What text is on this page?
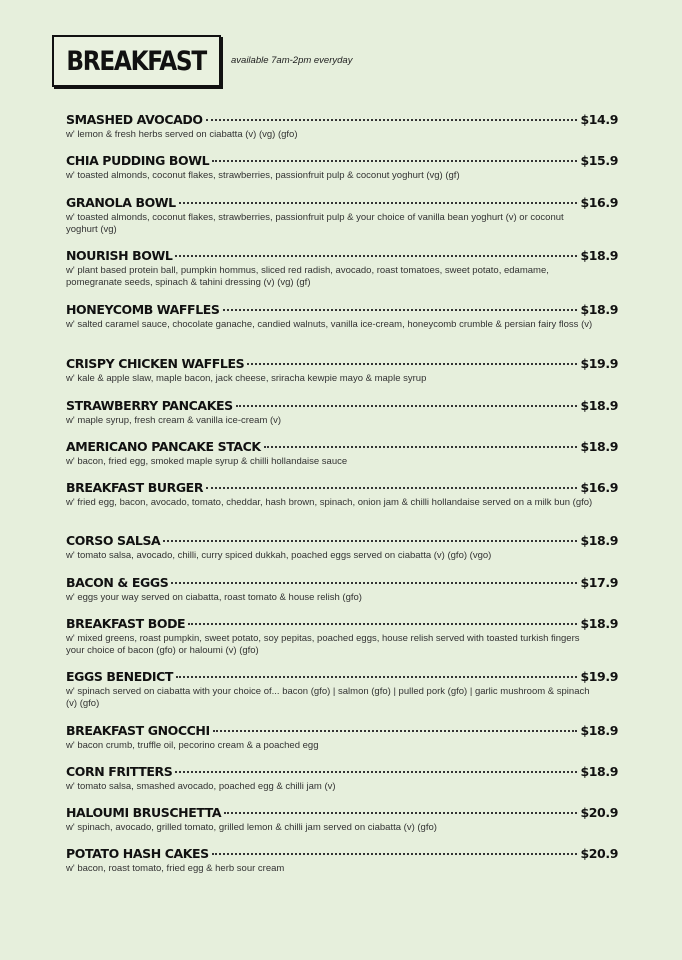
BREAKFAST	available 7am-2pm everyday
SMASHED AVOCADO	$14.9
w' lemon & fresh herbs served on ciabatta (v) (vg) (gfo)
CHIA PUDDING BOWL	$15.9
w' toasted almonds, coconut flakes, strawberries, passionfruit pulp & coconut yoghurt (vg) (gf)
GRANOLA BOWL	$16.9
w' toasted almonds, coconut flakes, strawberries, passionfruit pulp & your choice of vanilla bean yoghurt (v) or coconut yoghurt (vg)
NOURISH BOWL	$18.9
w' plant based protein ball, pumpkin hommus, sliced red radish, avocado, roast tomatoes, sweet potato, edamame, pomegranate seeds, spinach & tahini dressing (v) (vg) (gf)
HONEYCOMB WAFFLES	$18.9
w' salted caramel sauce, chocolate ganache, candied walnuts, vanilla ice-cream, honeycomb crumble & persian fairy floss (v)
CRISPY CHICKEN WAFFLES	$19.9
w' kale & apple slaw, maple bacon, jack cheese, sriracha kewpie mayo & maple syrup
STRAWBERRY PANCAKES	$18.9
w' maple syrup, fresh cream & vanilla ice-cream (v)
AMERICANO PANCAKE STACK	$18.9
w' bacon, fried egg, smoked maple syrup & chilli hollandaise sauce
BREAKFAST BURGER	$16.9
w' fried egg, bacon, avocado, tomato, cheddar, hash brown, spinach, onion jam & chilli hollandaise served on a milk bun (gfo)
CORSO SALSA	$18.9
w' tomato salsa, avocado, chilli, curry spiced dukkah, poached eggs served on ciabatta (v) (gfo) (vgo)
BACON & EGGS	$17.9
w' eggs your way served on ciabatta, roast tomato & house relish (gfo)
BREAKFAST BODE	$18.9
w' mixed greens, roast pumpkin, sweet potato, soy pepitas, poached eggs, house relish served with toasted turkish fingers your choice of bacon (gfo) or haloumi (v) (gfo)
EGGS BENEDICT	$19.9
w' spinach served on ciabatta with your choice of... bacon (gfo) | salmon (gfo) | pulled pork (gfo) | garlic mushroom & spinach (v) (gfo)
BREAKFAST GNOCCHI	$18.9
w' bacon crumb, truffle oil, pecorino cream & a poached egg
CORN FRITTERS	$18.9
w' tomato salsa, smashed avocado, poached egg & chilli jam (v)
HALOUMI BRUSCHETTA	$20.9
w' spinach, avocado, grilled tomato, grilled lemon & chilli jam served on ciabatta (v) (gfo)
POTATO HASH CAKES	$20.9
w' bacon, roast tomato, fried egg & herb sour cream
